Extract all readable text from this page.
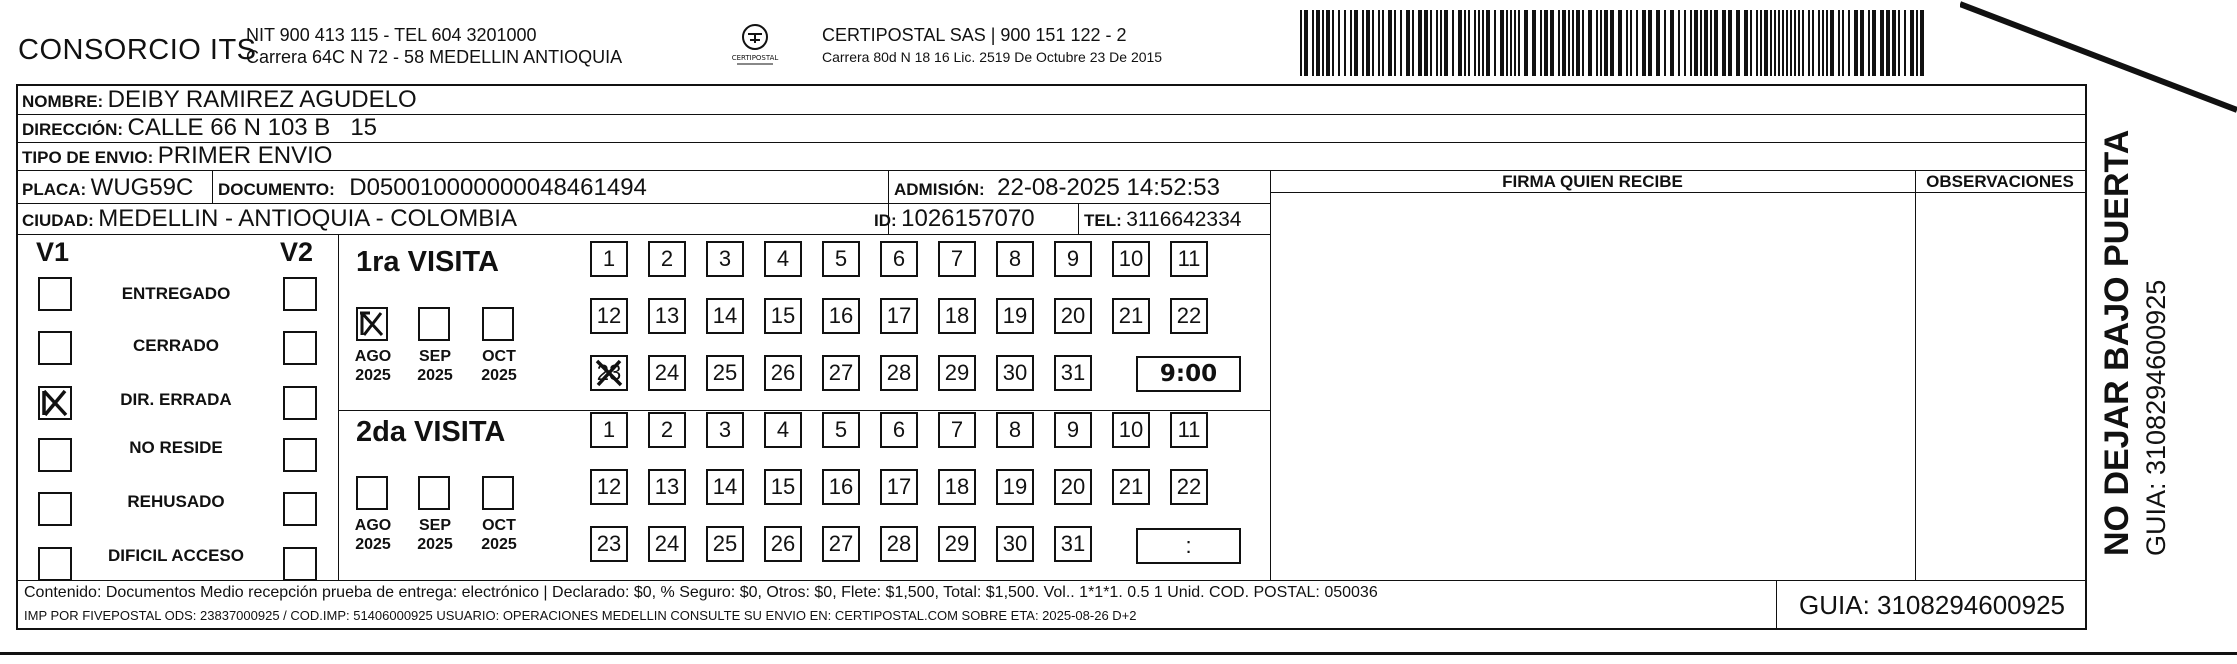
CONSORCIO ITS
NIT 900 413 115 - TEL 604 3201000
Carrera 64C N 72 - 58 MEDELLIN ANTIOQUIA	CERTIPOSTAL
CERTIPOSTAL SAS | 900 151 122 - 2
Carrera 80d N 18 16 Lic. 2519 De Octubre 23 De 2015
NOMBRE: DEIBY RAMIREZ AGUDELO
DIRECCIÓN: CALLE 66 N 103 B   15
TIPO DE ENVIO: PRIMER ENVIO
PLACA: WUG59C DOCUMENTO: D050010000000048461494	ADMISIÓN: 22-08-2025 14:52:53
CIUDAD: MEDELLIN - ANTIOQUIA - COLOMBIA	ID: 1026157070	TEL: 3116642334
FIRMA QUIEN RECIBE	OBSERVACIONES
V1	V2
ENTREGADO
CERRADO
DIR. ERRADA
NO RESIDE
REHUSADO
DIFICIL ACCESO
1ra VISITA
AGO
2025
SEP
2025
OCT
2025
1	2	3	4	5	6	7	8	9	10	11
12	13	14	15	16	17	18	19	20	21	22
23	24	25	26	27	28	29	30	31	9:00
2da VISITA
AGO
2025
SEP
2025
OCT
2025
1	2	3	4	5	6	7	8	9	10	11
12	13	14	15	16	17	18	19	20	21	22
23	24	25	26	27	28	29	30	31	:
Contenido: Documentos Medio recepción prueba de entrega: electrónico | Declarado: $0, % Seguro: $0, Otros: $0, Flete: $1,500, Total: $1,500. Vol.. 1*1*1. 0.5 1 Unid. COD. POSTAL: 050036
IMP POR FIVEPOSTAL ODS: 23837000925 / COD.IMP: 51406000925 USUARIO: OPERACIONES MEDELLIN CONSULTE SU ENVIO EN: CERTIPOSTAL.COM SOBRE ETA: 2025-08-26 D+2	GUIA: 3108294600925
NO DEJAR BAJO PUERTA GUIA: 3108294600925
